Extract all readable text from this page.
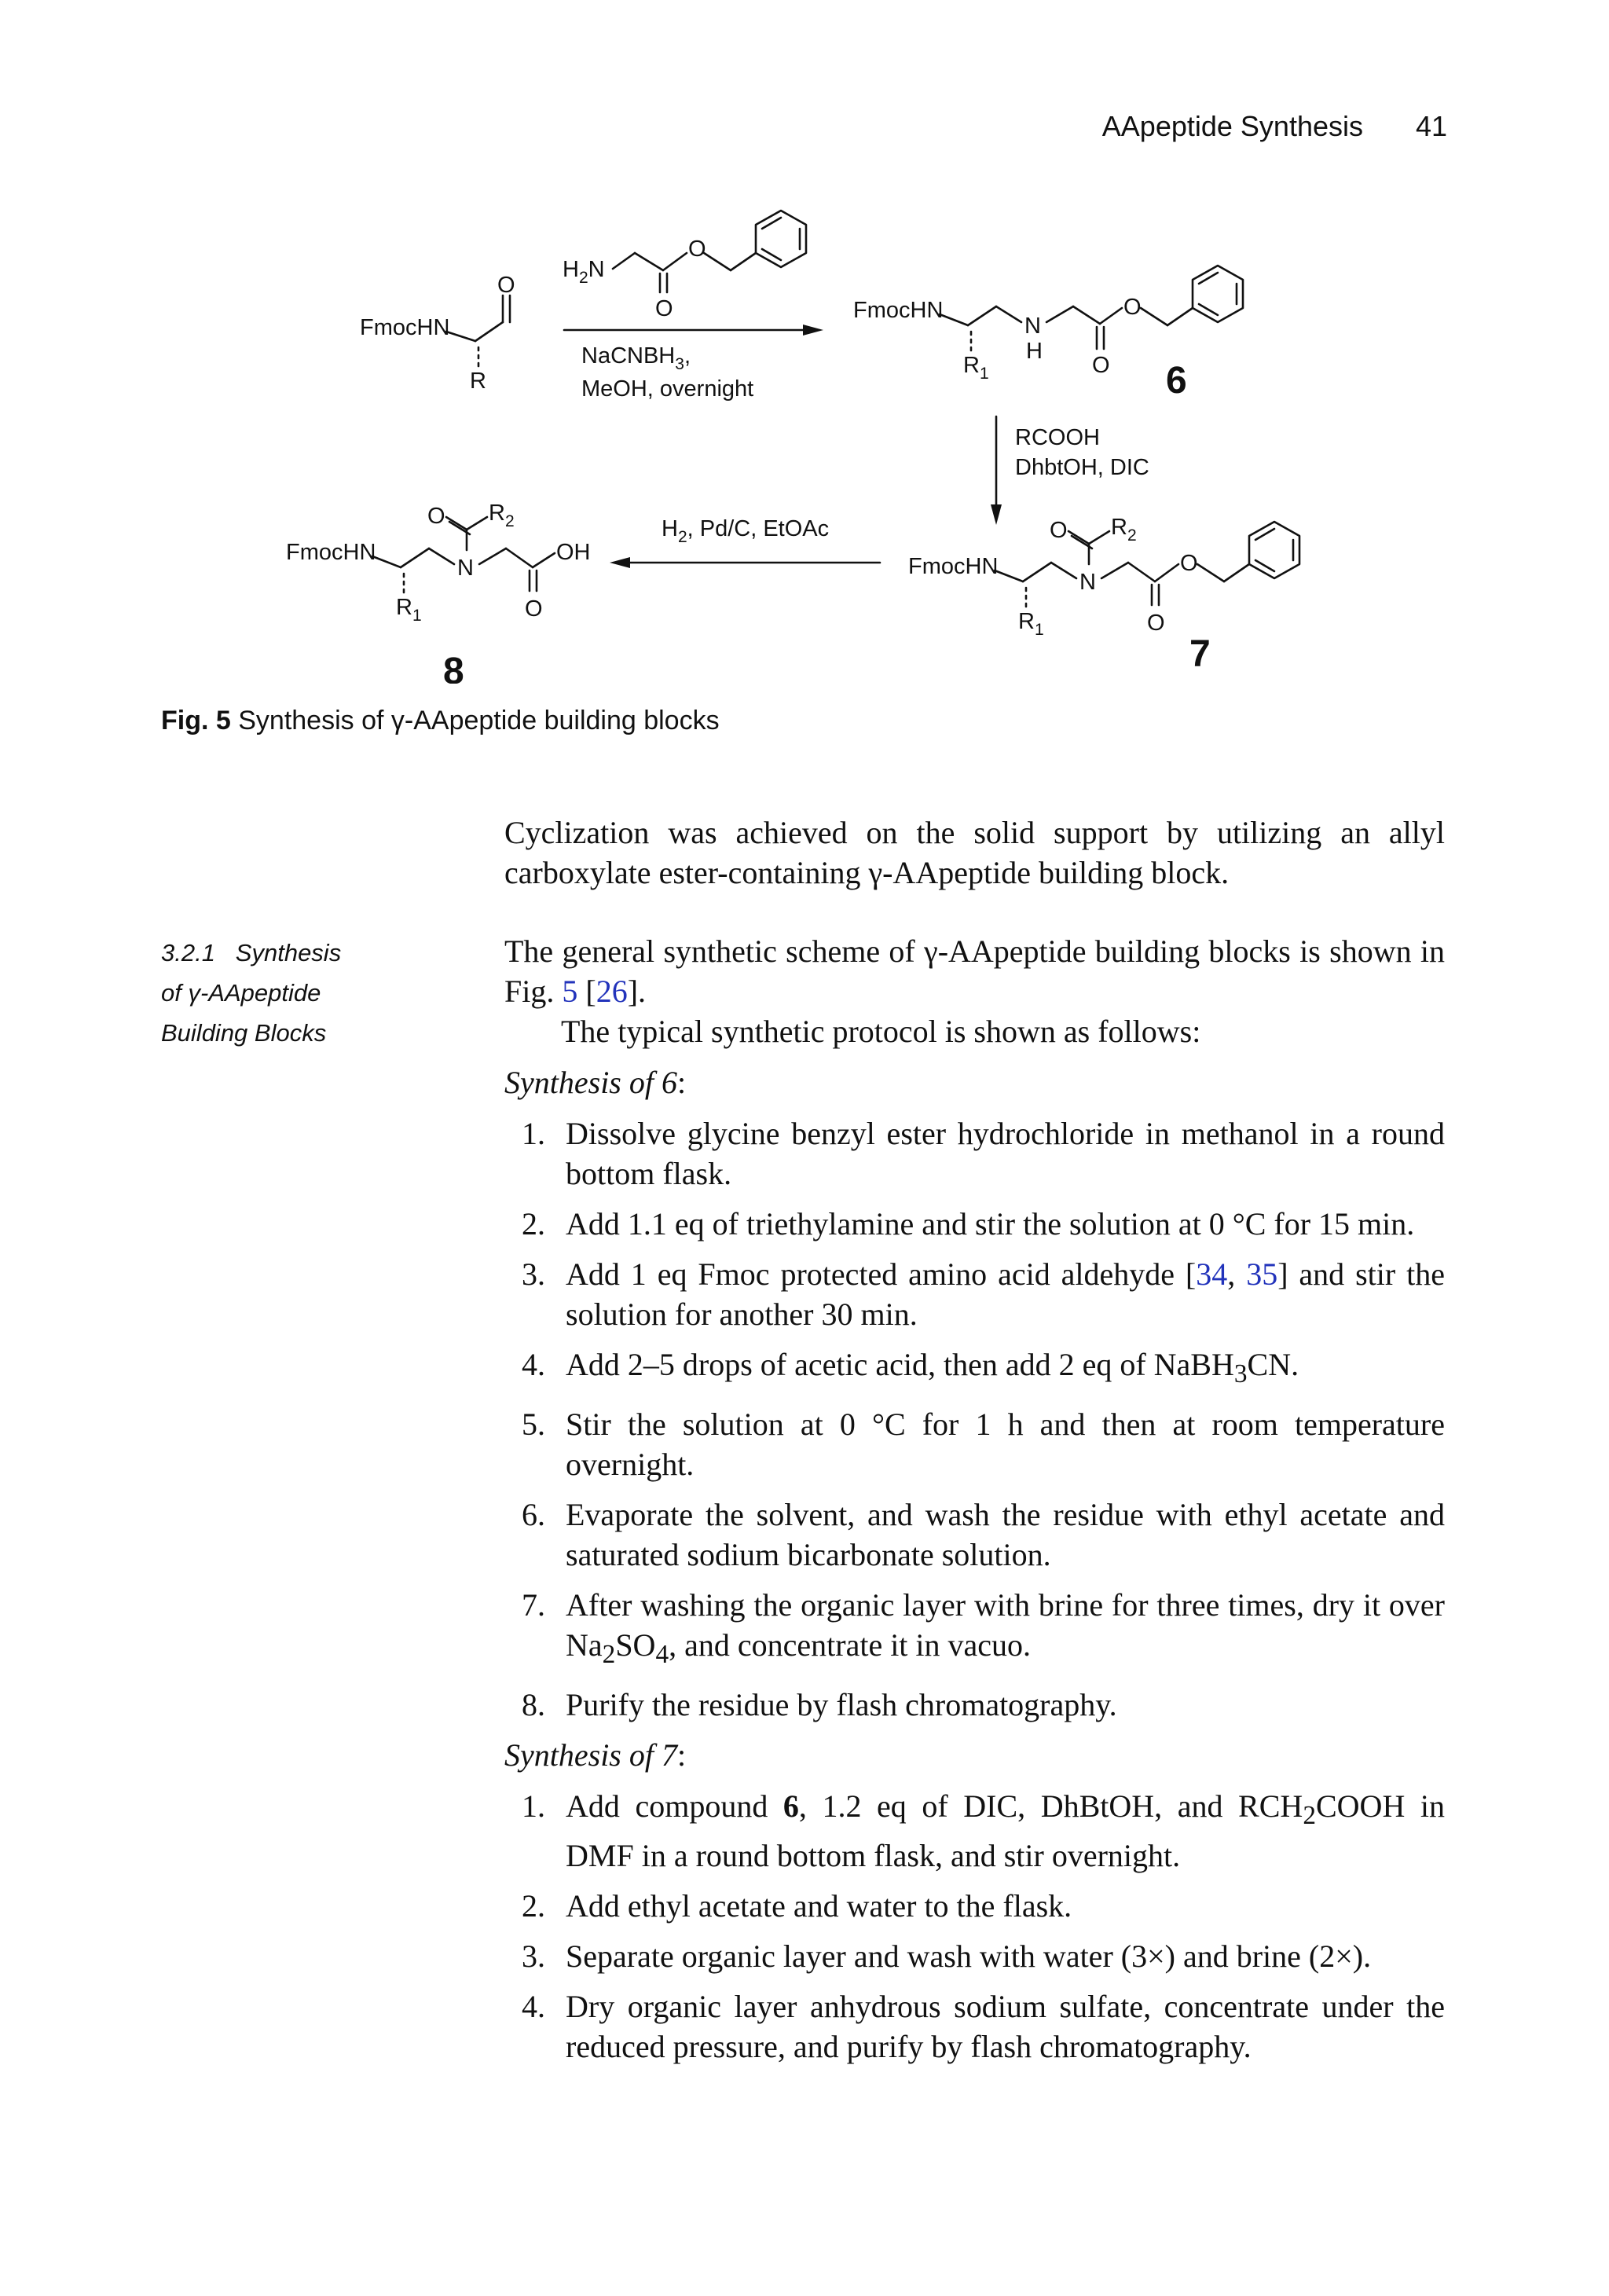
AApeptide Synthesis 41
FmocHN
O
R
$H_2N$
O
O
NaCNBH$_3$,
MeOH, overnight
FmocHN
N
H
O
O
$R_1$	6
RCOOH
DhbtOH, DIC
FmocHN
N
O $R_2$
O
O
$R_1$
7
$H_2$, Pd/C, EtOAc
FmocHN
N
O $R_2$
OH
O
$R_1$
8
Fig. 5 Synthesis of γ-AApeptide building blocks

Cyclization was achieved on the solid support by utilizing an allyl carboxylate ester-containing γ-AApeptide building block.

3.2.1 Synthesis
of γ-AApeptide
Building Blocks

The general synthetic scheme of γ-AApeptide building blocks is shown in Fig. 5 [26].

The typical synthetic protocol is shown as follows:

Synthesis of 6:

1. Dissolve glycine benzyl ester hydrochloride in methanol in a round bottom flask.
2. Add 1.1 eq of triethylamine and stir the solution at 0 °C for 15 min.
3. Add 1 eq Fmoc protected amino acid aldehyde [34, 35] and stir the solution for another 30 min.
4. Add 2–5 drops of acetic acid, then add 2 eq of NaBH$_3$CN.
5. Stir the solution at 0 °C for 1 h and then at room temperature overnight.
6. Evaporate the solvent, and wash the residue with ethyl acetate and saturated sodium bicarbonate solution.
7. After washing the organic layer with brine for three times, dry it over $Na_2SO_4$, and concentrate it in vacuo.
8. Purify the residue by flash chromatography.

Synthesis of 7:

1. Add compound 6, 1.2 eq of DIC, DhBtOH, and $RCH_2COOH$ in DMF in a round bottom flask, and stir overnight.
2. Add ethyl acetate and water to the flask.
3. Separate organic layer and wash with water (3×) and brine (2×).
4. Dry organic layer anhydrous sodium sulfate, concentrate under the reduced pressure, and purify by flash chromatography.
